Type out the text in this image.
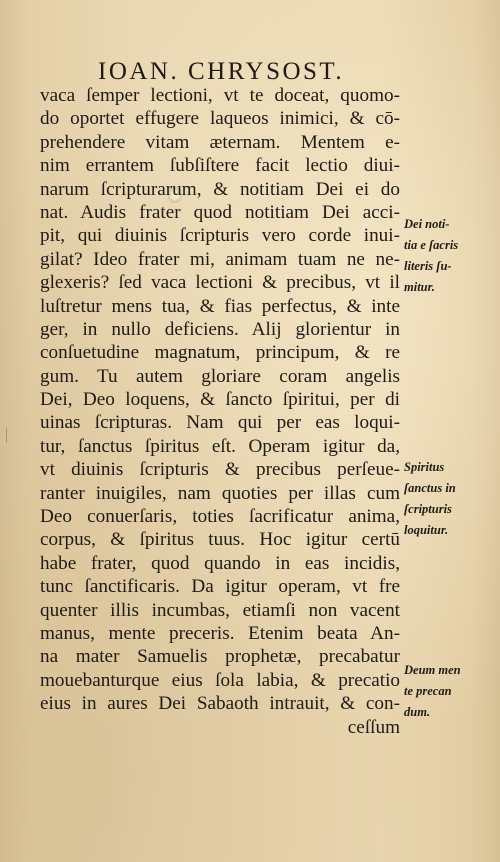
IOAN. CHRYSOST.
vaca ſemper lectioni, vt te doceat, quomo-
do oportet effugere laqueos inimici, & cō-
prehendere vitam æternam. Mentem e-
nim errantem ſubſiſtere facit lectio diui-
narum ſcripturarum, & notitiam Dei ei do
nat. Audis frater quod notitiam Dei acci-
pit, qui diuinis ſcripturis vero corde inui-
gilat? Ideo frater mi, animam tuam ne ne-
glexeris? ſed vaca lectioni & precibus, vt il
luſtretur mens tua, & fias perfectus, & inte
ger, in nullo deficiens. Alij glorientur in
conſuetudine magnatum, principum, & re
gum. Tu autem gloriare coram angelis
Dei, Deo loquens, & ſancto ſpiritui, per di
uinas ſcripturas. Nam qui per eas loqui-
tur, ſanctus ſpiritus eſt. Operam igitur da,
vt diuinis ſcripturis & precibus perſeue-
ranter inuigiles, nam quoties per illas cum
Deo conuerſaris, toties ſacrificatur anima,
corpus, & ſpiritus tuus. Hoc igitur certū
habe frater, quod quando in eas incidis,
tunc ſanctificaris. Da igitur operam, vt fre
quenter illis incumbas, etiamſi non vacent
manus, mente preceris. Etenim beata An-
na mater Samuelis prophetæ, precabatur
mouebanturque eius ſola labia, & precatio
eius in aures Dei Sabaoth intrauit, & con-
ceſſum
Dei noti-
tia e ſacris
literis ſu-
mitur.
Spiritus
ſanctus in
ſcripturis
loquitur.
Deum men
te precan
dum.
